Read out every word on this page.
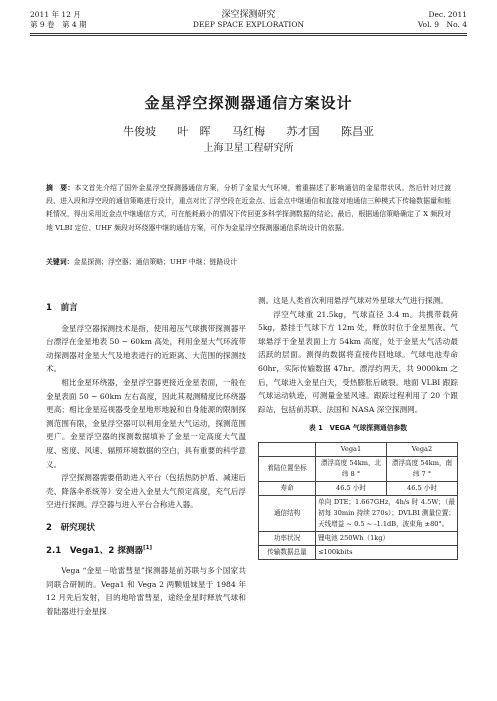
2011 年 12 月
第 9 卷　第 4 期
深空探测研究
DEEP SPACE EXPLORATION
Dec. 2011
Vol. 9　No. 4
金星浮空探测器通信方案设计
牛俊坡 叶　晖 马红梅 苏才国 陈昌亚
上海卫星工程研究所
摘　要：本文首先介绍了国外金星浮空探测器通信方案，分析了金星大气环境，着重描述了影响通信的金星带状风。然后针对过渡段、进入段和浮空段的通信策略进行设计，重点对比了浮空段在近金点、远金点中继通信和直接对地通信三种模式下传输数据量和能耗情况，得出采用近金点中继通信方式，可在能耗最小的情况下传回更多科学探测数据的结论。最后，根据通信策略确定了 X 频段对地 VLBI 定位、UHF 频段对环绕器中继的通信方案，可作为金星浮空探测器通信系统设计的依据。
关键词：金星探测；浮空器；通信策略；UHF 中继；链路设计
1　前言

金星浮空器探测技术是指，使用超压气球携带探测器平台漂浮在金星地表 50 ~ 60km 高处，利用金星大气环流带动探测器对金星大气及地表进行的近距离、大范围的探测技术。

相比金星环绕器，金星浮空器更接近金星表面，一般在金星表面 50 ~ 60km 左右高度，因此其观测精度比环绕器更高；相比金星巡视器受金星地形地貌和自身能源的限制探测范围有限，金星浮空器可以利用金星大气运动，探测范围更广。金星浮空器的探测数据填补了金星一定高度大气温度、密度、风速、辐照环境数据的空白，具有重要的科学意义。

浮空探测器需要借助进入平台（包括热防护盾、减速后壳、降落伞系统等）安全进入金星大气预定高度，充气后浮空进行探测。浮空器与进入平台合称进入器。

2　研究现状
2.1　Vega1、2 探测器[1]

Vega “金星－哈雷彗星”探测器是前苏联与多个国家共同联合研制的。Vega1 和 Vega 2 两颗姐妹星于 1984 年 12 月先后发射，目的地哈雷彗星，途经金星时释放气球和着陆器进行金星探

测。这是人类首次利用悬浮气球对外星球大气进行探测。

浮空气球重 21.5kg，气球直径 3.4 m。共携带载荷 5kg，悬挂于气球下方 12m 处，释放时位于金星黑夜。气球悬浮于金星表面上方 54km 高度，处于金星大气活动最活跃的层面。测得的数据将直接传回地球。气球电池寿命 60hr，实际传输数据 47hr。漂浮约两天，共 9000km 之后，气球进入金星白天，受热膨胀后破裂。地面 VLBI 跟踪气球运动轨迹，可测量金星风速。跟踪过程利用了 20 个跟踪站，包括前苏联、法国和 NASA 深空探测网。

表 1　VEGA 气球探测通信参数
	Vega1	Vega2
着陆位置坐标	漂浮高度 54km，北纬 8 °	漂浮高度 54km，南纬 7 °
寿命	46.5 小时	46.5 小时
通信结构	单向 DTE；1.667GHz，4h/s 时 4.5W；（最初每 30min 持续 270s）；DVLBI 测量位置；天线增益 ~ 0.5 ~ -1.1dB，波束角 ±80°。	
功率状况	锂电池 250Wh（1kg）	
传输数据总量	≤100kbits	
